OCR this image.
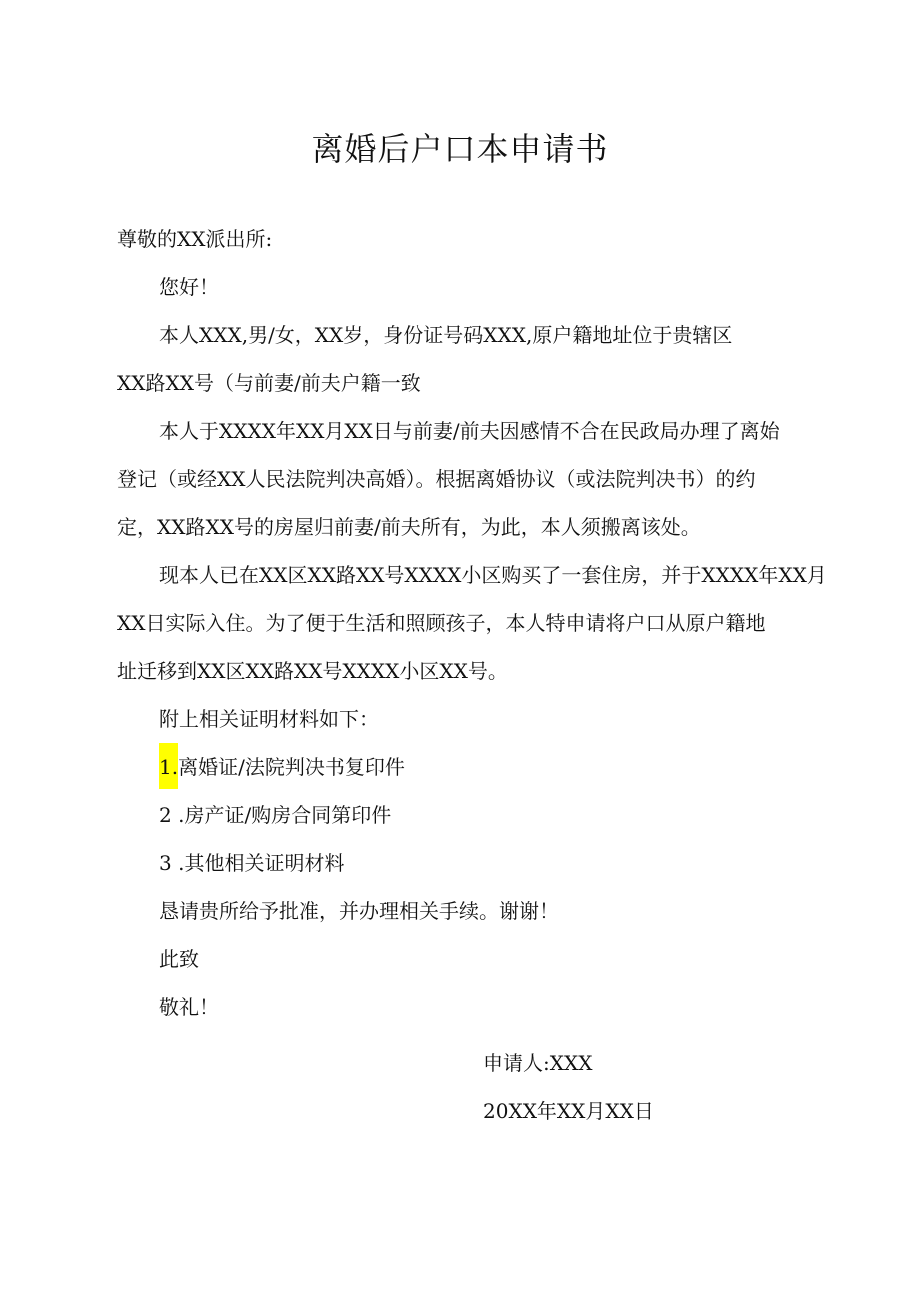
离婚后户口本申请书
尊敬的XX派出所:
您好！
本人XXX,男/女，XX岁，身份证号码XXX,原户籍地址位于贵辖区
XX路XX号（与前妻/前夫户籍一致
本人于XXXX年XX月XX日与前妻/前夫因感情不合在民政局办理了离始
登记（或经XX人民法院判决高婚）。根据离婚协议（或法院判决书）的约
定，XX路XX号的房屋归前妻/前夫所有，为此，本人须搬离该处。
现本人已在XX区XX路XX号XXXX小区购买了一套住房，并于XXXX年XX月
XX日实际入住。为了便于生活和照顾孩子，本人特申请将户口从原户籍地
址迁移到XX区XX路XX号XXXX小区XX号。
附上相关证明材料如下：
1.离婚证/法院判决书复印件
2 .房产证/购房合同第印件
3 .其他相关证明材料
恳请贵所给予批准，并办理相关手续。谢谢！
此致
敬礼！
申请人:XXX
20XX年XX月XX日
